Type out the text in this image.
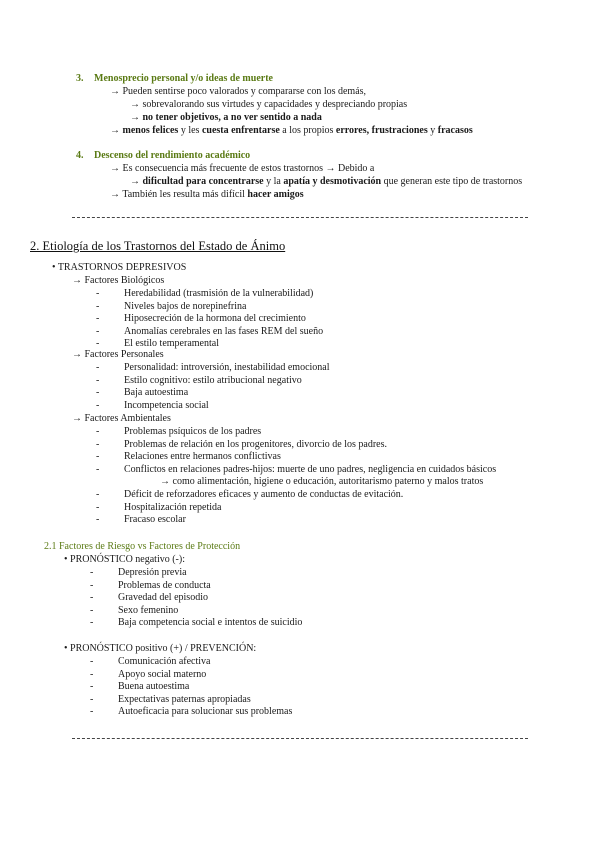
3. Menosprecio personal y/o ideas de muerte
→ Pueden sentirse poco valorados y compararse con los demás,
→ sobrevalorando sus virtudes y capacidades y despreciando propias
→ no tener objetivos, a no ver sentido a nada
→ menos felices y les cuesta enfrentarse a los propios errores, frustraciones y fracasos
4. Descenso del rendimiento académico
→ Es consecuencia más frecuente de estos trastornos → Debido a
→ dificultad para concentrarse y la apatía y desmotivación que generan este tipo de trastornos
→ También les resulta más difícil hacer amigos
2. Etiología de los Trastornos del Estado de Ánimo
• TRASTORNOS DEPRESIVOS
→ Factores Biológicos
- Heredabilidad (trasmisión de la vulnerabilidad)
- Niveles bajos de norepinefrina
- Hiposecreción de la hormona del crecimiento
- Anomalías cerebrales en las fases REM del sueño
- El estilo temperamental
→ Factores Personales
- Personalidad: introversión, inestabilidad emocional
- Estilo cognitivo: estilo atribucional negativo
- Baja autoestima
- Incompetencia social
→ Factores Ambientales
- Problemas psíquicos de los padres
- Problemas de relación en los progenitores, divorcio de los padres.
- Relaciones entre hermanos conflictivas
- Conflictos en relaciones padres-hijos: muerte de uno padres, negligencia en cuidados básicos
- Déficit de reforzadores eficaces y aumento de conductas de evitación.
- Hospitalización repetida
- Fracaso escolar
→ como alimentación, higiene o educación, autoritarismo paterno y malos tratos
2.1 Factores de Riesgo vs Factores de Protección
• PRONÓSTICO negativo (-):
- Depresión previa
- Problemas de conducta
- Gravedad del episodio
- Sexo femenino
- Baja competencia social e intentos de suicidio
• PRONÓSTICO positivo (+) / PREVENCIÓN:
- Comunicación afectiva
- Apoyo social materno
- Buena autoestima
- Expectativas paternas apropiadas
- Autoeficacia para solucionar sus problemas
